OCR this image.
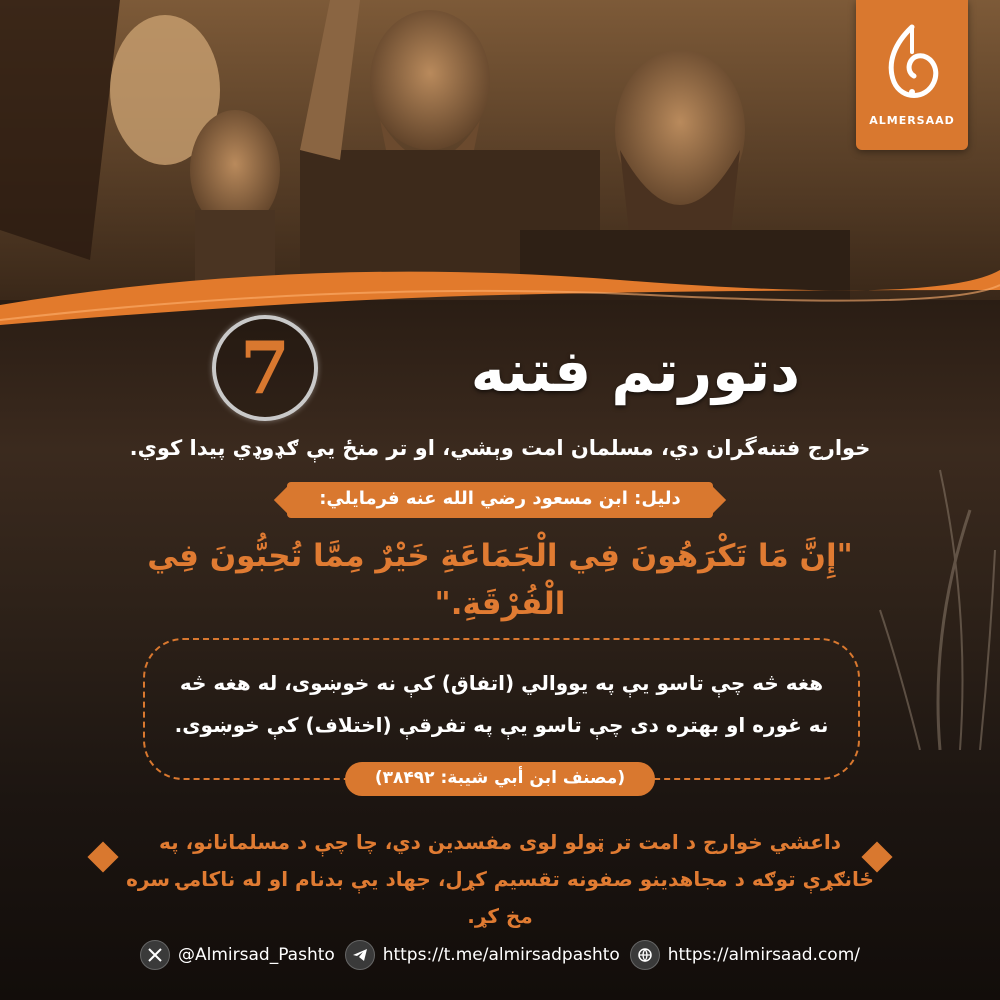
ALMERSAAD
7	دتورتم فتنه
خوارج فتنه‌گران دي، مسلمان امت وېشي، او تر منځ يې ګډوډي پيدا کوي.
دليل: ابن مسعود رضي الله عنه فرمايلي:
"إِنَّ مَا تَكْرَهُونَ فِي الْجَمَاعَةِ خَيْرٌ مِمَّا تُحِبُّونَ فِي الْفُرْقَةِ."
هغه څه چې تاسو يې په يووالي (اتفاق) کې نه خوښوی، له هغه څه نه غوره او بهتره دی چې تاسو يې په تفرقې (اختلاف) کې خوښوی.
(مصنف ابن أبي شيبة: ۳۸۴۹۲)
داعشي خوارج د امت تر ټولو لوی مفسدين دي، چا چې د مسلمانانو، په ځانګړې توګه د مجاهدينو صفونه تقسيم کړل، جهاد يې بدنام او له ناکامۍ سره مخ کړ.
@Almirsad_Pashto	https://t.me/almirsadpashto	https://almirsaad.com/
